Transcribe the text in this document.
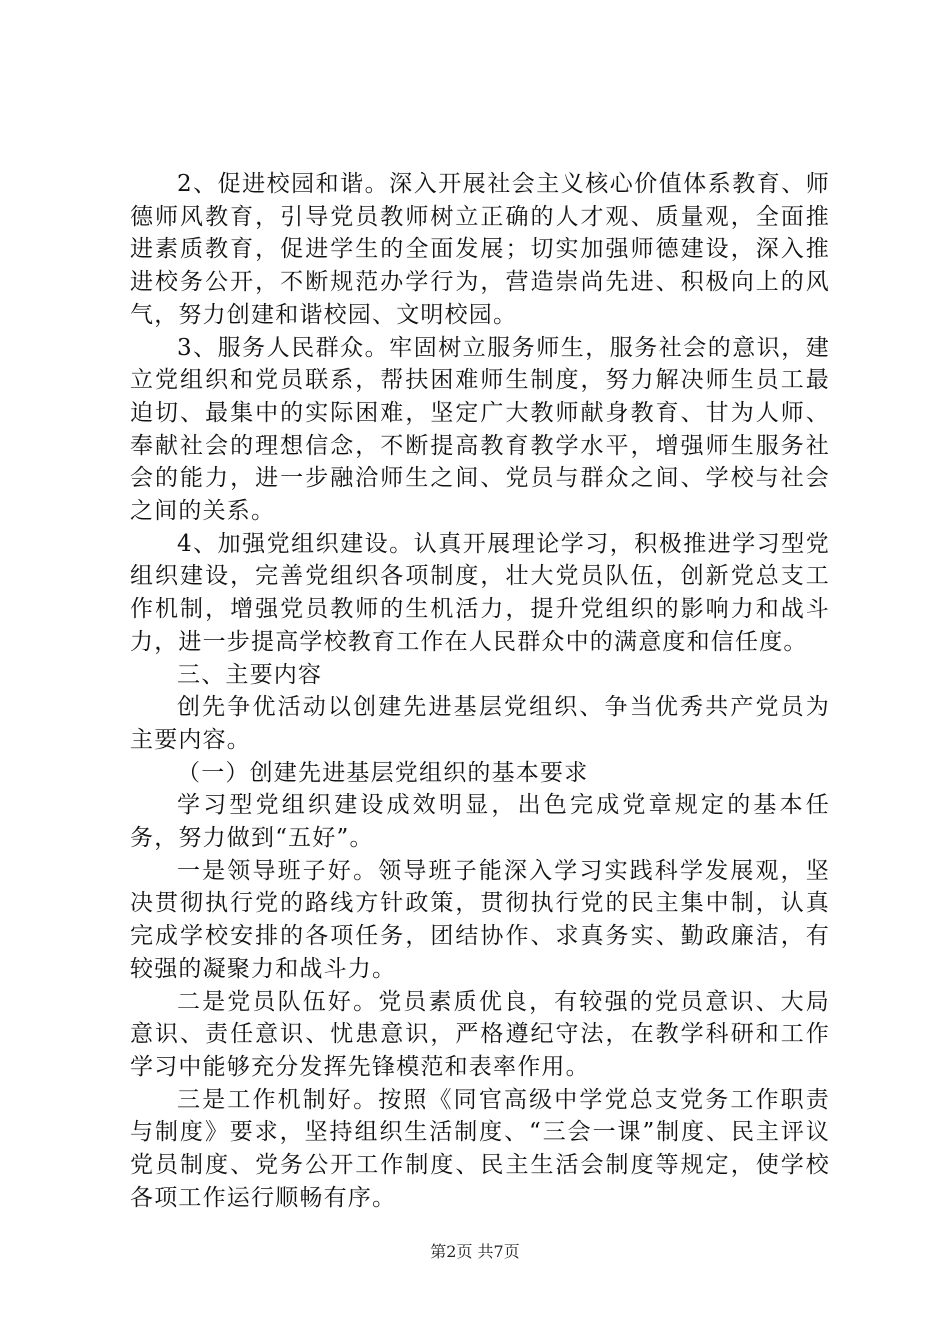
2、促进校园和谐。深入开展社会主义核心价值体系教育、师德师风教育，引导党员教师树立正确的人才观、质量观，全面推进素质教育，促进学生的全面发展；切实加强师德建设，深入推进校务公开，不断规范办学行为，营造崇尚先进、积极向上的风气，努力创建和谐校园、文明校园。

3、服务人民群众。牢固树立服务师生，服务社会的意识，建立党组织和党员联系，帮扶困难师生制度，努力解决师生员工最迫切、最集中的实际困难，坚定广大教师献身教育、甘为人师、奉献社会的理想信念，不断提高教育教学水平，增强师生服务社会的能力，进一步融洽师生之间、党员与群众之间、学校与社会之间的关系。

4、加强党组织建设。认真开展理论学习，积极推进学习型党组织建设，完善党组织各项制度，壮大党员队伍，创新党总支工作机制，增强党员教师的生机活力，提升党组织的影响力和战斗力，进一步提高学校教育工作在人民群众中的满意度和信任度。

三、主要内容

创先争优活动以创建先进基层党组织、争当优秀共产党员为主要内容。

（一）创建先进基层党组织的基本要求

学习型党组织建设成效明显，出色完成党章规定的基本任务，努力做到“五好”。

一是领导班子好。领导班子能深入学习实践科学发展观，坚决贯彻执行党的路线方针政策，贯彻执行党的民主集中制，认真完成学校安排的各项任务，团结协作、求真务实、勤政廉洁，有较强的凝聚力和战斗力。

二是党员队伍好。党员素质优良，有较强的党员意识、大局意识、责任意识、忧患意识，严格遵纪守法，在教学科研和工作学习中能够充分发挥先锋模范和表率作用。

三是工作机制好。按照《同官高级中学党总支党务工作职责与制度》要求，坚持组织生活制度、“三会一课”制度、民主评议党员制度、党务公开工作制度、民主生活会制度等规定，使学校各项工作运行顺畅有序。

第2页 共7页
